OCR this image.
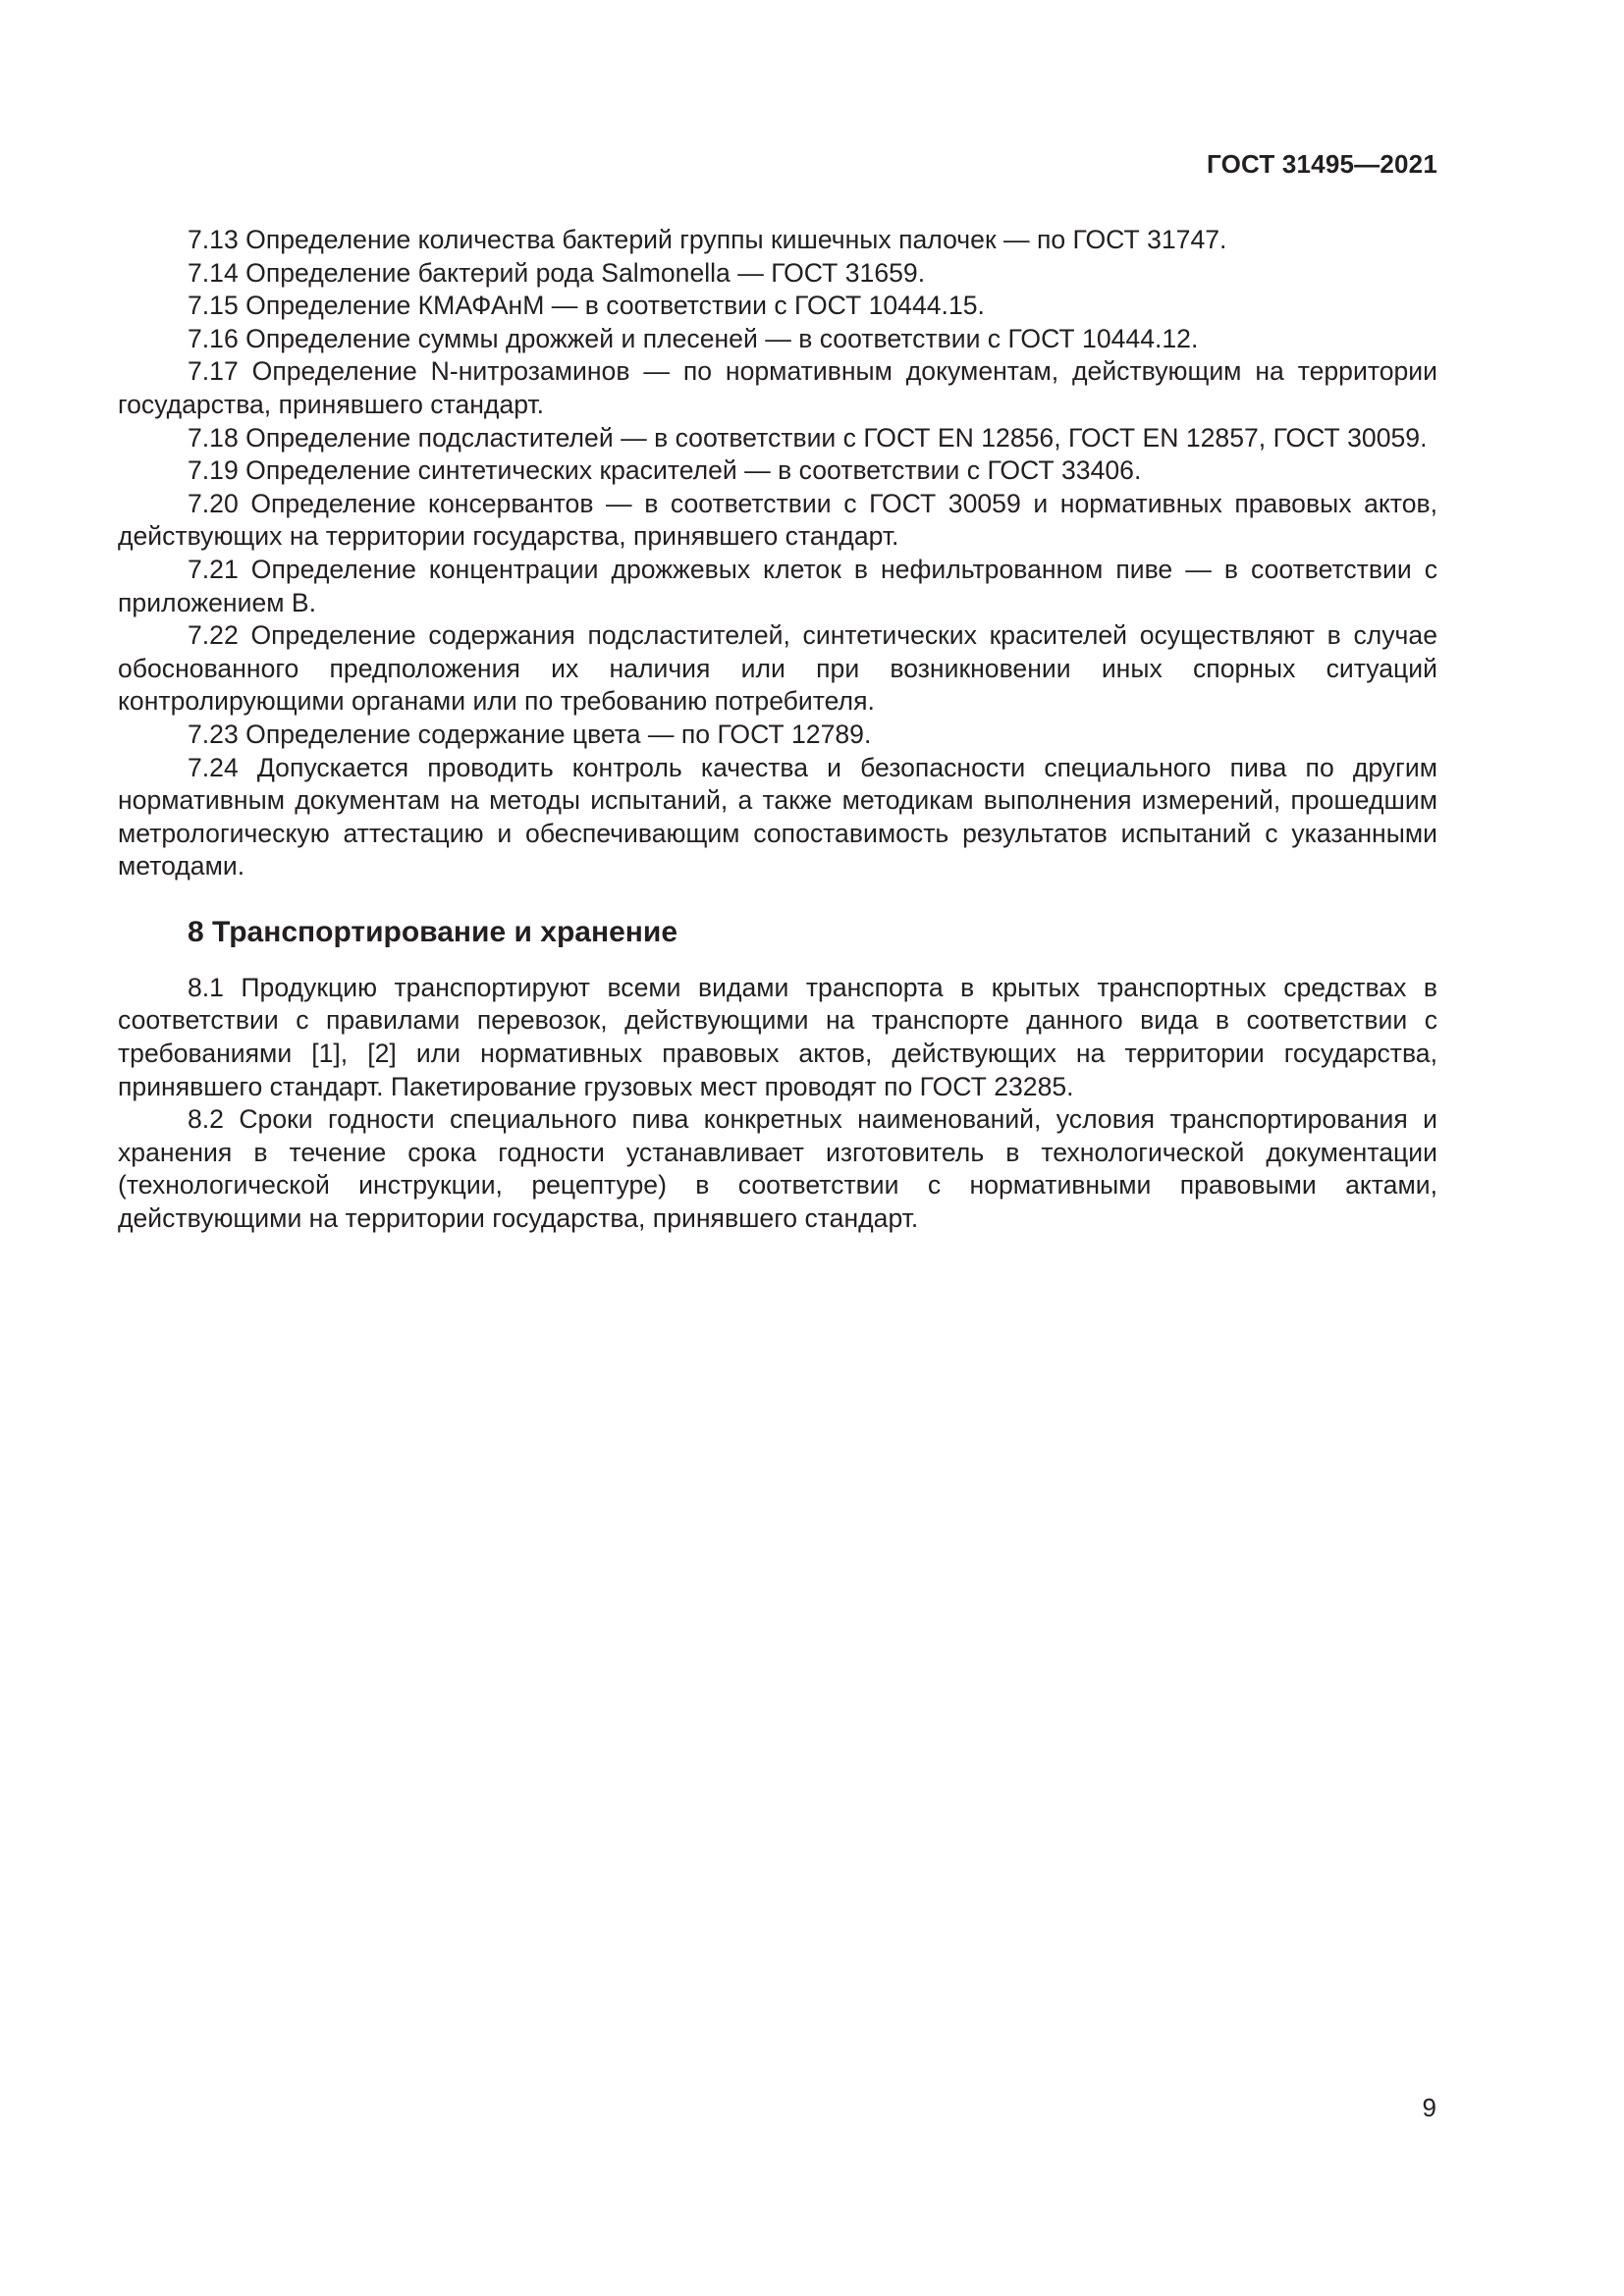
ГОСТ 31495—2021

7.13 Определение количества бактерий группы кишечных палочек — по ГОСТ 31747.

7.14 Определение бактерий рода Salmonella — ГОСТ 31659.

7.15 Определение КМАФАнМ — в соответствии с ГОСТ 10444.15.

7.16 Определение суммы дрожжей и плесеней — в соответствии с ГОСТ 10444.12.

7.17 Определение N-нитрозаминов — по нормативным документам, действующим на территории государства, принявшего стандарт.

7.18 Определение подсластителей — в соответствии с ГОСТ EN 12856, ГОСТ EN 12857, ГОСТ 30059.

7.19 Определение синтетических красителей — в соответствии с ГОСТ 33406.

7.20 Определение консервантов — в соответствии с ГОСТ 30059 и нормативных правовых актов, действующих на территории государства, принявшего стандарт.

7.21 Определение концентрации дрожжевых клеток в нефильтрованном пиве — в соответствии с приложением В.

7.22 Определение содержания подсластителей, синтетических красителей осуществляют в случае обоснованного предположения их наличия или при возникновении иных спорных ситуаций контролирующими органами или по требованию потребителя.

7.23 Определение содержание цвета — по ГОСТ 12789.

7.24 Допускается проводить контроль качества и безопасности специального пива по другим нормативным документам на методы испытаний, а также методикам выполнения измерений, прошедшим метрологическую аттестацию и обеспечивающим сопоставимость результатов испытаний с указанными методами.

8 Транспортирование и хранение

8.1 Продукцию транспортируют всеми видами транспорта в крытых транспортных средствах в соответствии с правилами перевозок, действующими на транспорте данного вида в соответствии с требованиями [1], [2] или нормативных правовых актов, действующих на территории государства, принявшего стандарт. Пакетирование грузовых мест проводят по ГОСТ 23285.

8.2 Сроки годности специального пива конкретных наименований, условия транспортирования и хранения в течение срока годности устанавливает изготовитель в технологической документации (технологической инструкции, рецептуре) в соответствии с нормативными правовыми актами, действующими на территории государства, принявшего стандарт.

9
